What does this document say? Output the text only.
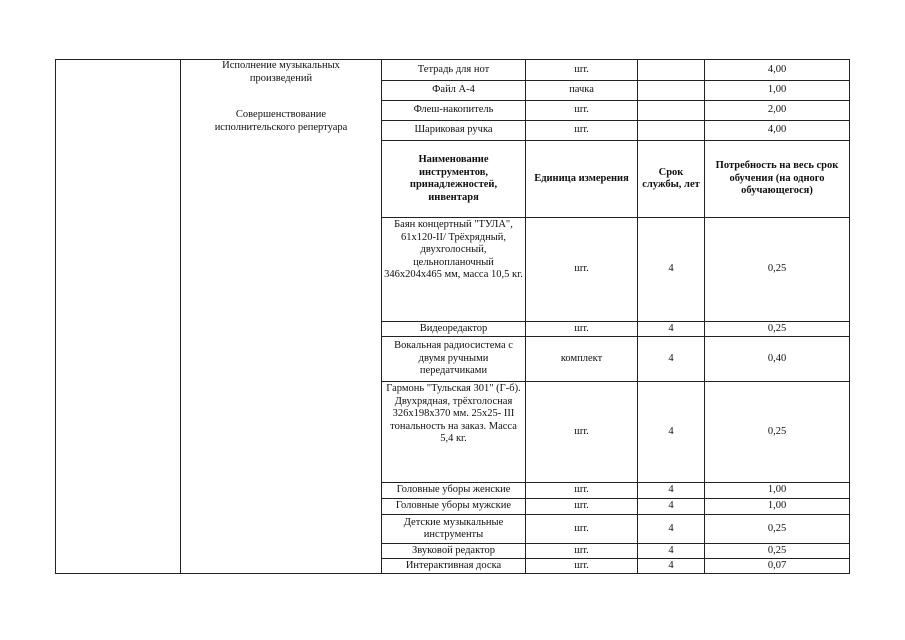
	Исполнение музыкальных
произведений
Совершенствование
исполнительского репертуара	Тетрадь для нот	шт.		4,00
		Файл А-4	пачка		1,00
		Флеш-накопитель	шт.		2,00
		Шариковая ручка	шт.		4,00
		Наименование инструментов, принадлежностей, инвентаря	Единица измерения	Срок службы, лет	Потребность на весь срок обучения (на одного обучающегося)
		Баян концертный "ТУЛА", 61х120-II/ Трёхрядный, двухголосный, цельнопланочный 346х204х465 мм, масса 10,5 кг.	шт.	4	0,25
		Видеоредактор	шт.	4	0,25
		Вокальная радиосистема с двумя ручными передатчиками	комплект	4	0,40
		Гармонь "Тульская 301" (Г-б). Двухрядная, трёхголосная 326х198х370 мм. 25х25- III тональность на заказ. Масса 5,4 кг.	шт.	4	0,25
		Головные уборы женские	шт.	4	1,00
		Головные уборы мужские	шт.	4	1,00
		Детские музыкальные инструменты	шт.	4	0,25
		Звуковой редактор	шт.	4	0,25
		Интерактивная доска	шт.	4	0,07
